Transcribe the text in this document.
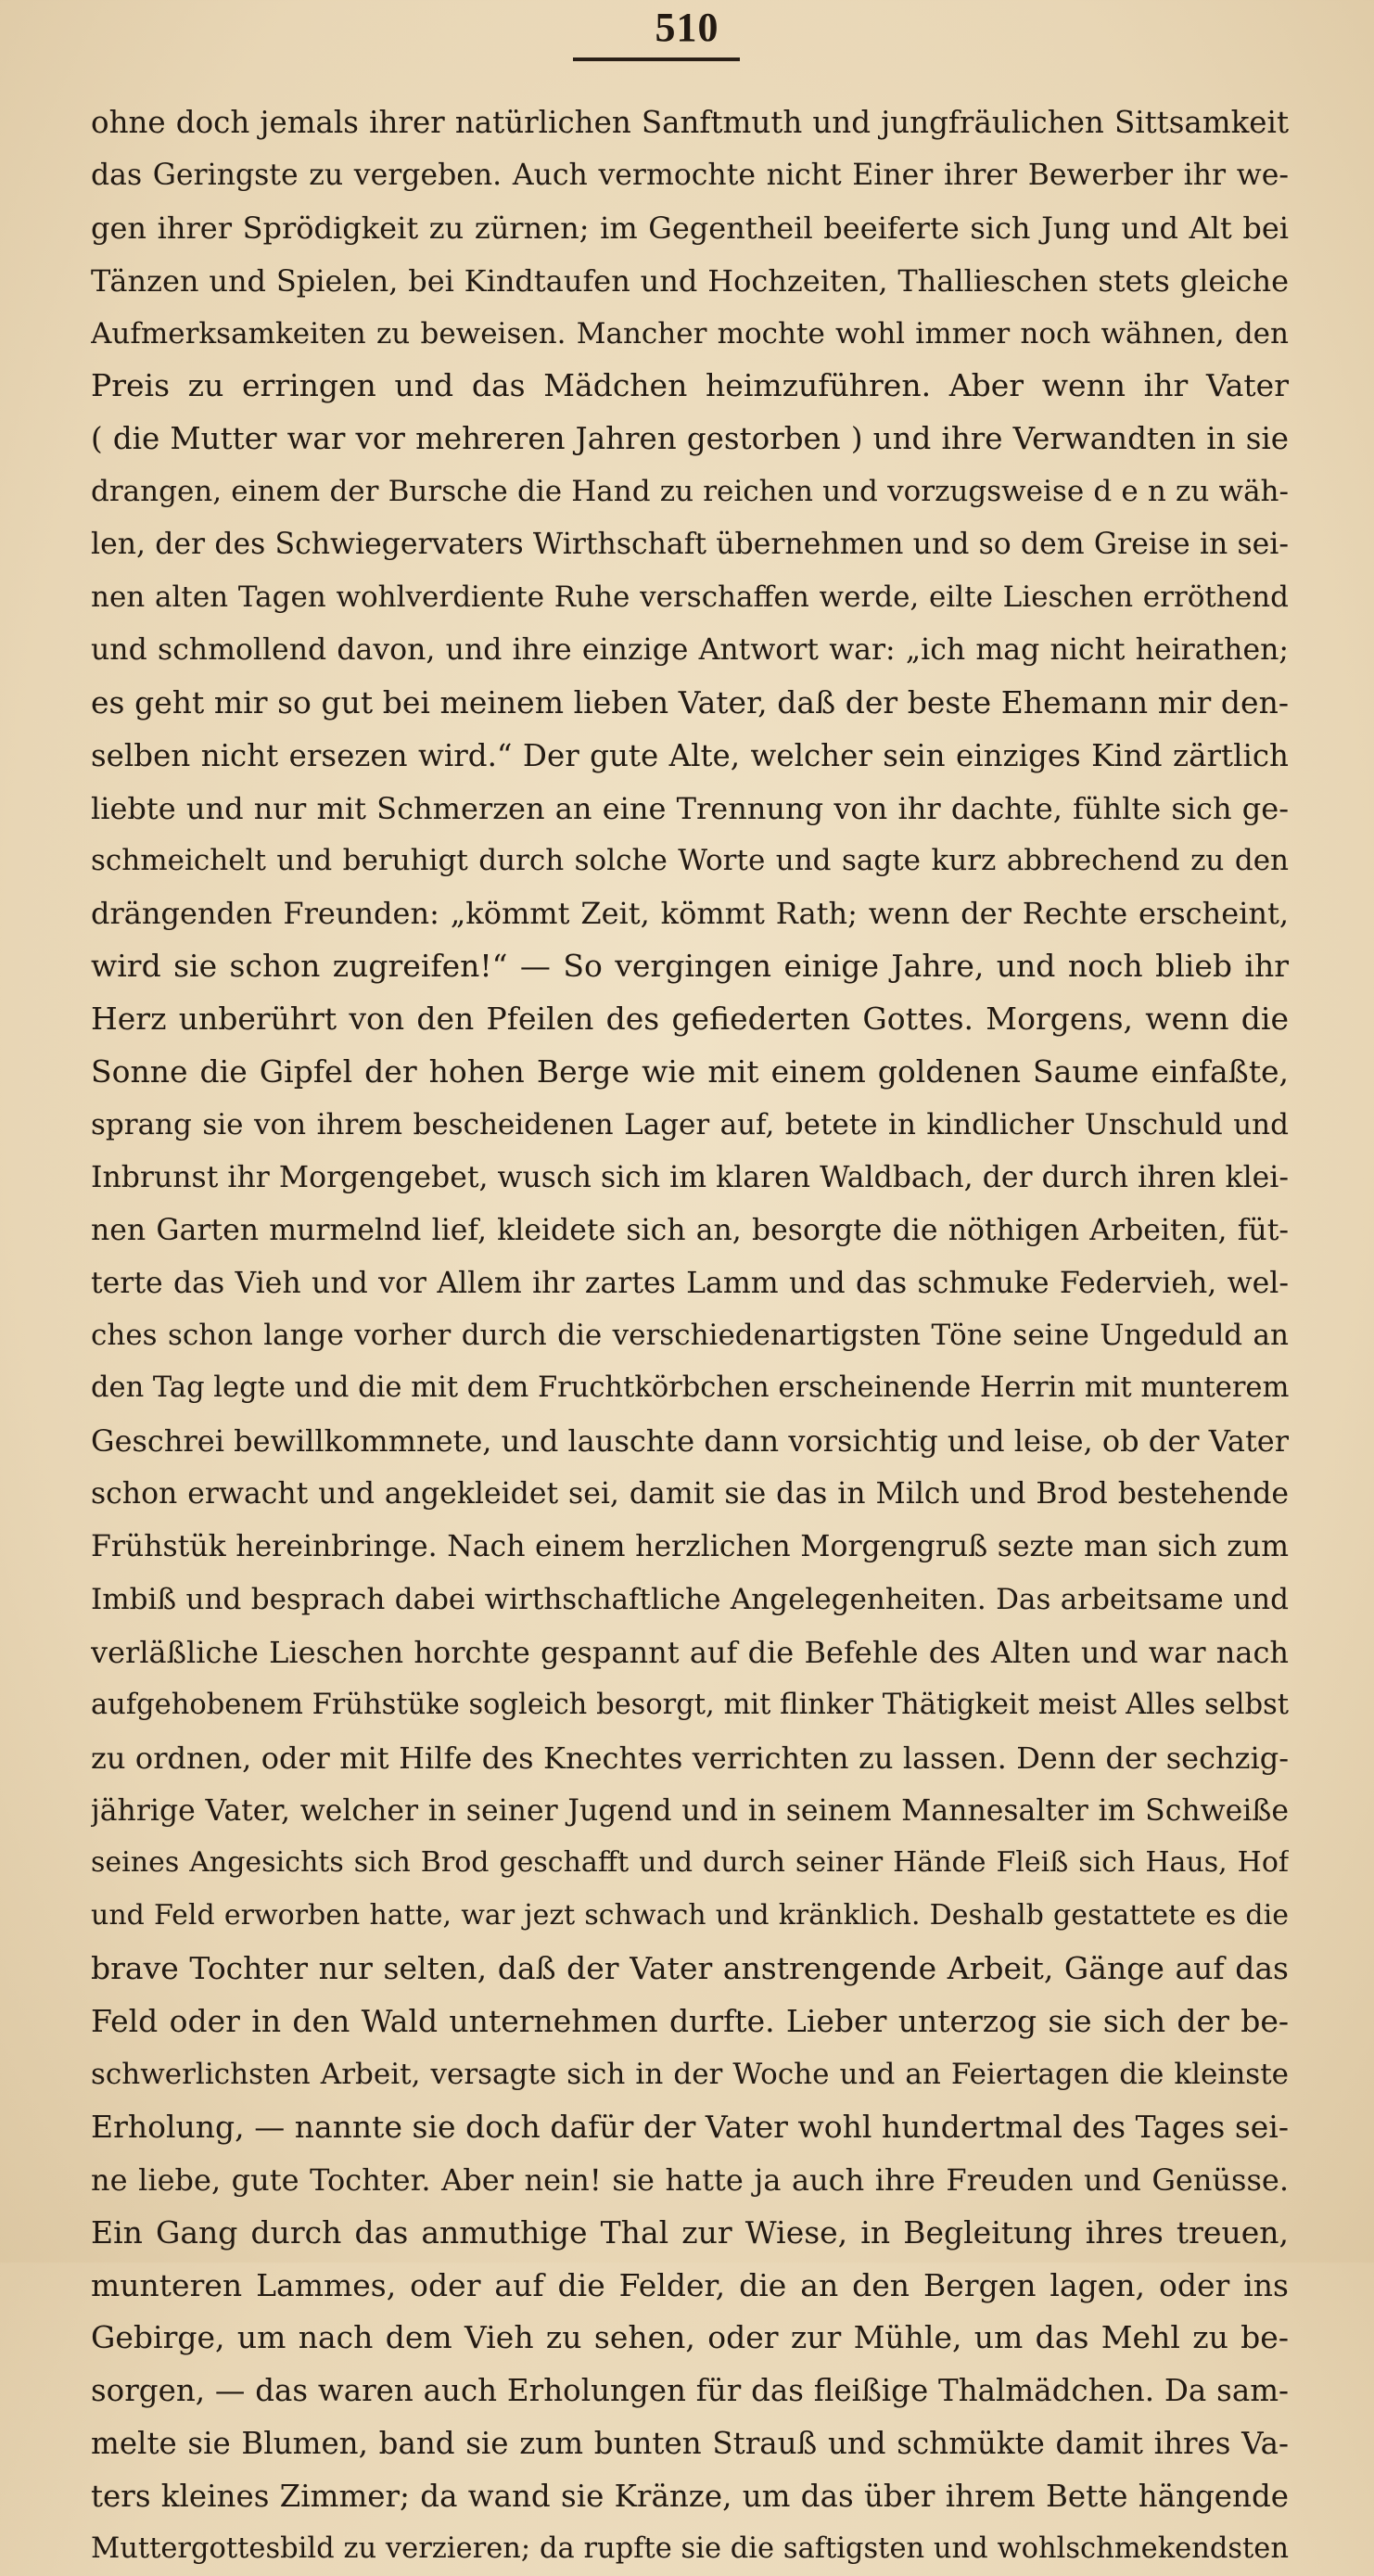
510
ohne doch jemals ihrer natürlichen Sanftmuth und jungfräulichen Sittsamkeit
das Geringste zu vergeben. Auch vermochte nicht Einer ihrer Bewerber ihr we-
gen ihrer Sprödigkeit zu zürnen; im Gegentheil beeiferte sich Jung und Alt bei
Tänzen und Spielen, bei Kindtaufen und Hochzeiten, Thallieschen stets gleiche
Aufmerksamkeiten zu beweisen. Mancher mochte wohl immer noch wähnen, den
Preis zu erringen und das Mädchen heimzuführen. Aber wenn ihr Vater
( die Mutter war vor mehreren Jahren gestorben ) und ihre Verwandten in sie
drangen, einem der Bursche die Hand zu reichen und vorzugsweise d e n zu wäh-
len, der des Schwiegervaters Wirthschaft übernehmen und so dem Greise in sei-
nen alten Tagen wohlverdiente Ruhe verschaffen werde, eilte Lieschen erröthend
und schmollend davon, und ihre einzige Antwort war: „ich mag nicht heirathen;
es geht mir so gut bei meinem lieben Vater, daß der beste Ehemann mir den-
selben nicht ersezen wird.“ Der gute Alte, welcher sein einziges Kind zärtlich
liebte und nur mit Schmerzen an eine Trennung von ihr dachte, fühlte sich ge-
schmeichelt und beruhigt durch solche Worte und sagte kurz abbrechend zu den
drängenden Freunden: „kömmt Zeit, kömmt Rath; wenn der Rechte erscheint,
wird sie schon zugreifen!“ — So vergingen einige Jahre, und noch blieb ihr
Herz unberührt von den Pfeilen des gefiederten Gottes. Morgens, wenn die
Sonne die Gipfel der hohen Berge wie mit einem goldenen Saume einfaßte,
sprang sie von ihrem bescheidenen Lager auf, betete in kindlicher Unschuld und
Inbrunst ihr Morgengebet, wusch sich im klaren Waldbach, der durch ihren klei-
nen Garten murmelnd lief, kleidete sich an, besorgte die nöthigen Arbeiten, füt-
terte das Vieh und vor Allem ihr zartes Lamm und das schmuke Federvieh, wel-
ches schon lange vorher durch die verschiedenartigsten Töne seine Ungeduld an
den Tag legte und die mit dem Fruchtkörbchen erscheinende Herrin mit munterem
Geschrei bewillkommnete, und lauschte dann vorsichtig und leise, ob der Vater
schon erwacht und angekleidet sei, damit sie das in Milch und Brod bestehende
Frühstük hereinbringe. Nach einem herzlichen Morgengruß sezte man sich zum
Imbiß und besprach dabei wirthschaftliche Angelegenheiten. Das arbeitsame und
verläßliche Lieschen horchte gespannt auf die Befehle des Alten und war nach
aufgehobenem Frühstüke sogleich besorgt, mit flinker Thätigkeit meist Alles selbst
zu ordnen, oder mit Hilfe des Knechtes verrichten zu lassen. Denn der sechzig-
jährige Vater, welcher in seiner Jugend und in seinem Mannesalter im Schweiße
seines Angesichts sich Brod geschafft und durch seiner Hände Fleiß sich Haus, Hof
und Feld erworben hatte, war jezt schwach und kränklich. Deshalb gestattete es die
brave Tochter nur selten, daß der Vater anstrengende Arbeit, Gänge auf das
Feld oder in den Wald unternehmen durfte. Lieber unterzog sie sich der be-
schwerlichsten Arbeit, versagte sich in der Woche und an Feiertagen die kleinste
Erholung, — nannte sie doch dafür der Vater wohl hundertmal des Tages sei-
ne liebe, gute Tochter. Aber nein! sie hatte ja auch ihre Freuden und Genüsse.
Ein Gang durch das anmuthige Thal zur Wiese, in Begleitung ihres treuen,
munteren Lammes, oder auf die Felder, die an den Bergen lagen, oder ins
Gebirge, um nach dem Vieh zu sehen, oder zur Mühle, um das Mehl zu be-
sorgen, — das waren auch Erholungen für das fleißige Thalmädchen. Da sam-
melte sie Blumen, band sie zum bunten Strauß und schmükte damit ihres Va-
ters kleines Zimmer; da wand sie Kränze, um das über ihrem Bette hängende
Muttergottesbild zu verzieren; da rupfte sie die saftigsten und wohlschmekendsten
